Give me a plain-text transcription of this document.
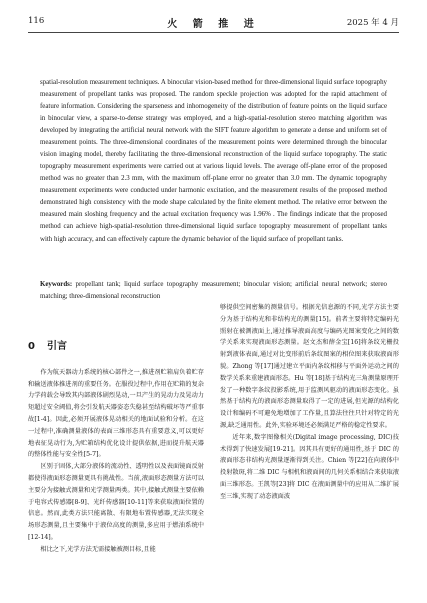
116	火 箭 推 进	2025 年 4 月

spatial-resolution measurement techniques. A binocular vision-based method for three-dimensional liquid surface topography measurement of propellant tanks was proposed. The random speckle projection was adopted for the rapid attachment of feature information. Considering the sparseness and inhomogeneity of the distribution of feature points on the liquid surface in binocular view, a sparse-to-dense strategy was employed, and a high-spatial-resolution stereo matching algorithm was developed by integrating the artificial neural network with the SIFT feature algorithm to generate a dense and uniform set of measurement points. The three-dimensional coordinates of the measurement points were determined through the binocular vision imaging model, thereby facilitating the three-dimensional reconstruction of the liquid surface topography. The static topography measurement experiments were carried out at various liquid levels. The average off-plane error of the proposed method was no greater than 2.3 mm, with the maximum off-plane error no greater than 3.0 mm. The dynamic topography measurement experiments were conducted under harmonic excitation, and the measurement results of the proposed method demonstrated high consistency with the mode shape calculated by the finite element method. The relative error between the measured main sloshing frequency and the actual excitation frequency was 1.96% . The findings indicate that the proposed method can achieve high-spatial-resolution three-dimensional liquid surface topography measurement of propellant tanks with high accuracy, and can effectively capture the dynamic behavior of the liquid surface of propellant tanks.

Keywords: propellant tank; liquid surface topography measurement; binocular vision; artificial neural network; stereo matching; three-dimensional reconstruction

0 引言

作为航天器动力系统的核心部件之一,推进剂贮箱肩负着贮存和输送液体推进剂的重要任务。在服役过程中,作用在贮箱的复杂力学荷载会导致其内部液体剧烈晃动,一旦产生的晃动力及晃动力矩超过安全阈值,将会引发航天器姿态失稳甚至结构破坏等严重事故[1-4]。因此,必须开展液体晃动相关的地面试验和分析。在这一过程中,准确测量液体的表面三维形态具有重要意义,可以更好地表征晃动行为,为贮箱结构优化设计提供依据,进而提升航天器的整体性能与安全性[5-7]。

区别于固体,大部分液体的流动性、透明性以及表面镜面反射都使得液面形态测量更具有挑战性。当前,液面形态测量方法可以主要分为接触式测量和光学测量两类。其中,接触式测量主要依赖于电容式传感器[8-9]、光纤传感器[10-11]等来获取液面位置的信息。然而,此类方法只能离散、有限地布置传感器,无法实现全场形态测量,且主要集中于液位高度的测量,多应用于燃油系统中[12-14]。

相比之下,光学方法无需接触被测目标,且能

够提供空间密集的测量信号。根据光信息源的不同,光学方法主要分为基于结构光和非结构光的测量[15]。前者主要将特定编码光照射在被测液面上,通过推导液面高度与编码光图案变化之间的数学关系来实现液面形态测量。赵文杰和薛金宝[16]将条纹光栅投射到液体表面,通过对比变形前后条纹图案的相位图来获取液面形貌。Zhong 等[17]通过建立平面内条纹相移与平面外运动之间的数学关系来重建液面形态。Hu 等[18]基于结构光三角测量原理开发了一种数字条纹投影系统,用于监测风驱动的液面形态变化。虽然基于结构光的液面形态测量取得了一定的进展,但光源的结构化设计和编码不可避免地增加了工作量,且算法往往只针对特定的光源,缺乏通用性。此外,实验环境还必须满足严格的稳定性要求。

近年来,数字图像相关(Digital image processing, DIC)技术得到了快速发展[19-21]。因其具有更好的通用性,基于 DIC 的液面形态非结构光测量逐渐得到关注。Chien 等[22]在向液体中投射散斑,将二维 DIC 与相机和液面间的几何关系相结合来获取液面三维形态。王凯等[23]将 DIC 在液面测量中的应用从二维扩展至三维,实现了动态液面波
